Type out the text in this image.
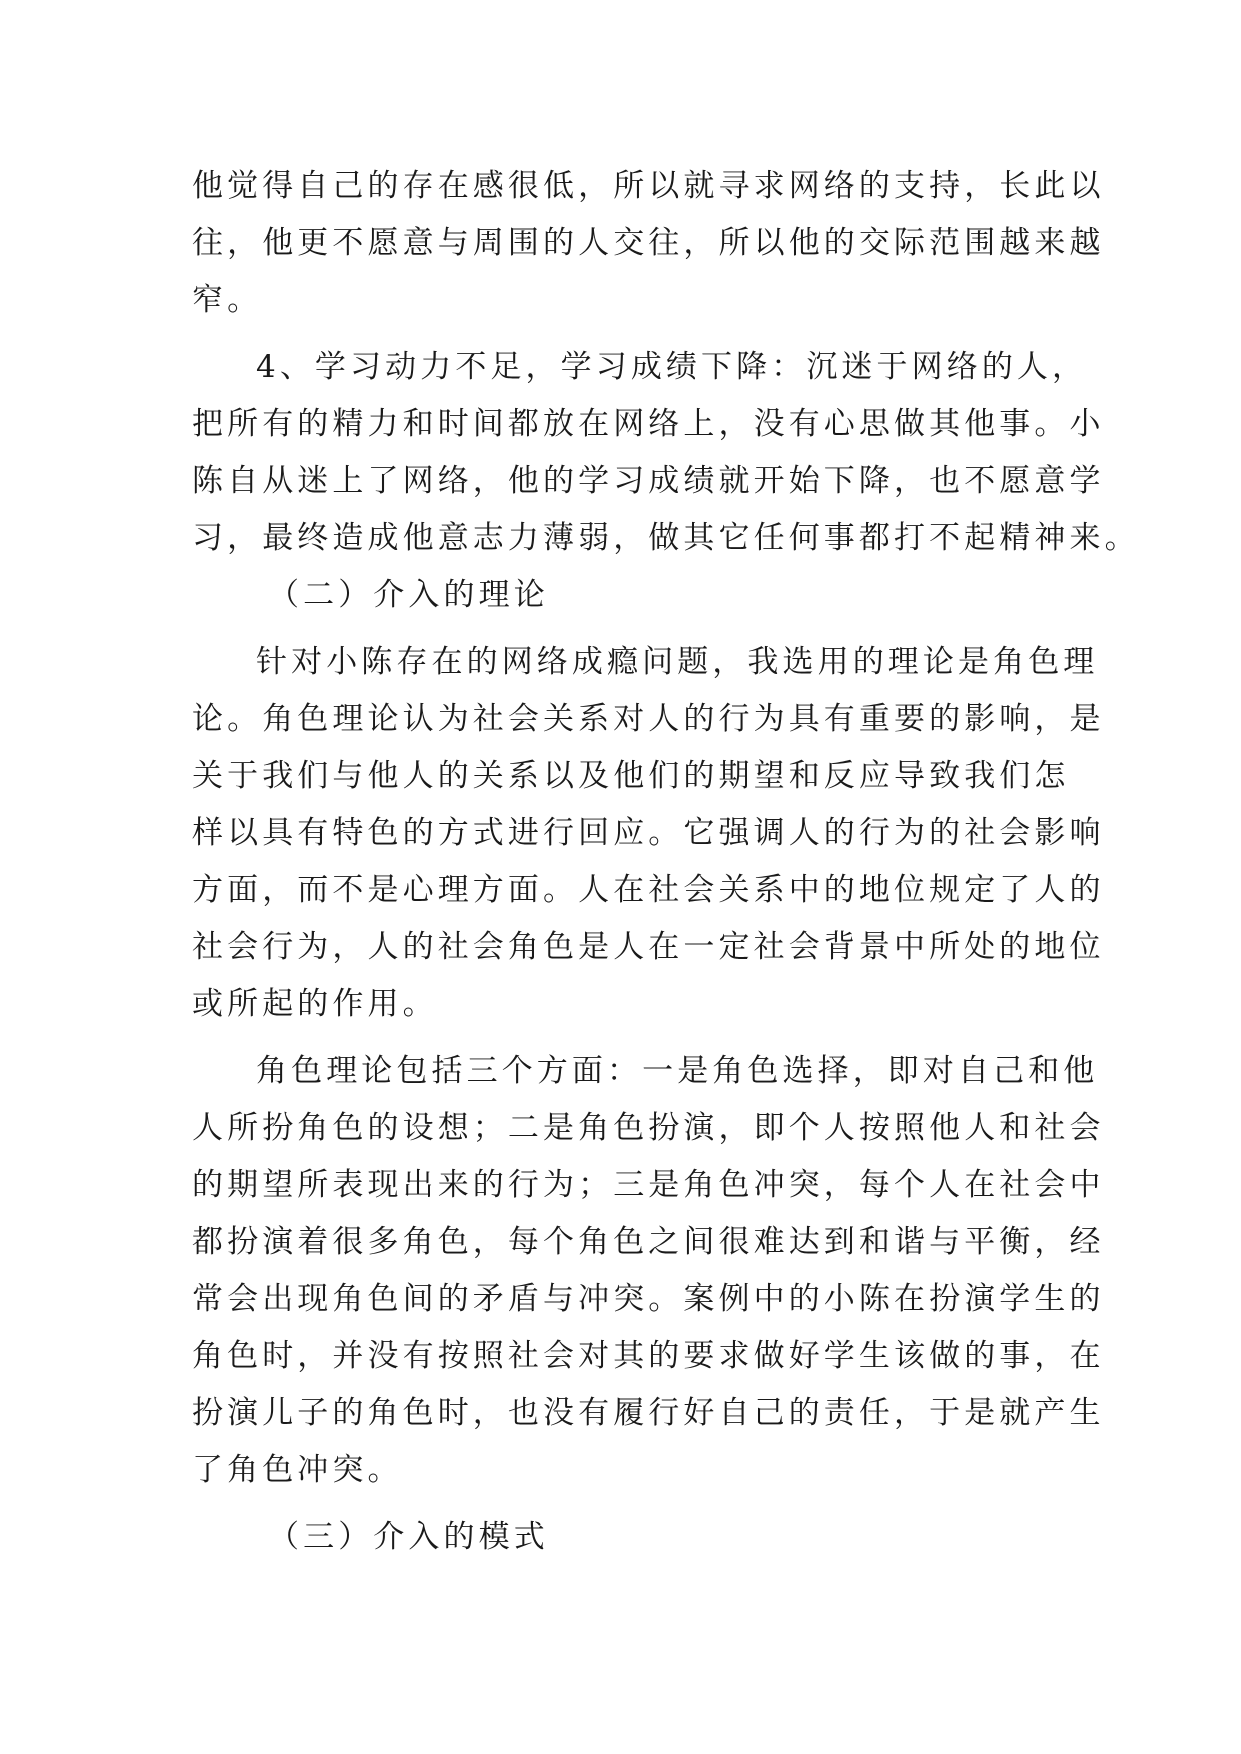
他觉得自己的存在感很低，所以就寻求网络的支持，长此以
往，他更不愿意与周围的人交往，所以他的交际范围越来越
窄。
4、学习动力不足，学习成绩下降：沉迷于网络的人，
把所有的精力和时间都放在网络上，没有心思做其他事。小
陈自从迷上了网络，他的学习成绩就开始下降，也不愿意学
习，最终造成他意志力薄弱，做其它任何事都打不起精神来。
（二）介入的理论
针对小陈存在的网络成瘾问题，我选用的理论是角色理
论。角色理论认为社会关系对人的行为具有重要的影响，是
关于我们与他人的关系以及他们的期望和反应导致我们怎
样以具有特色的方式进行回应。它强调人的行为的社会影响
方面，而不是心理方面。人在社会关系中的地位规定了人的
社会行为，人的社会角色是人在一定社会背景中所处的地位
或所起的作用。
角色理论包括三个方面：一是角色选择，即对自己和他
人所扮角色的设想；二是角色扮演，即个人按照他人和社会
的期望所表现出来的行为；三是角色冲突，每个人在社会中
都扮演着很多角色，每个角色之间很难达到和谐与平衡，经
常会出现角色间的矛盾与冲突。案例中的小陈在扮演学生的
角色时，并没有按照社会对其的要求做好学生该做的事，在
扮演儿子的角色时，也没有履行好自己的责任，于是就产生
了角色冲突。
（三）介入的模式
